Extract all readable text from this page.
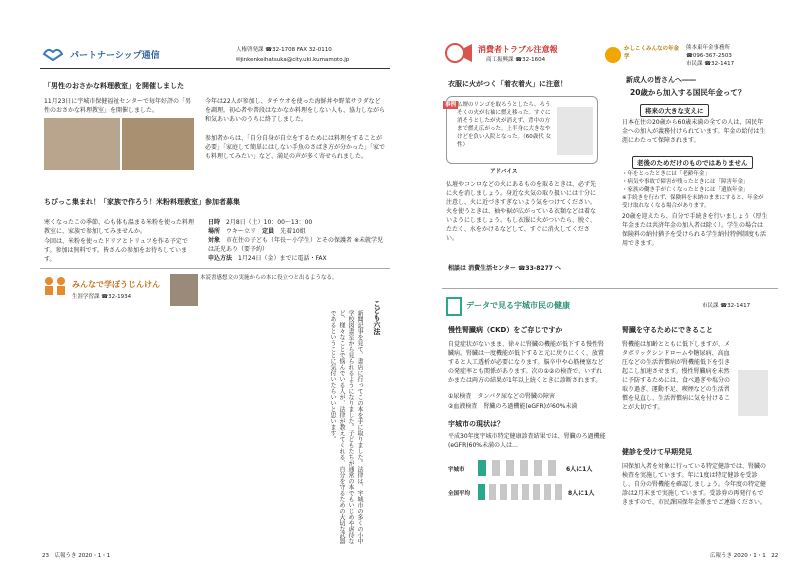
パートナーシップ通信
人権啓発課 ☎32-1708 FAX 32-0110
✉jinkenkeihatsuka@city.uki.kumamoto.jp
「男性のおさかな料理教室」を開催しました
11月23日に宇城市保健福祉センターで毎年好評の「男性のおさかな料理教室」を開催しました。
今年は22人が参加し、タチウオを使った海鮮丼や野菜サラダなどを調理。初心者や普段はなかなか料理をしない人も、協力しながら和気あいあいのうちに終了しました。
参加者からは、「自分自身が自立をするためには料理をすることが必要」「家庭して簡単にはしない手魚のさばき方が分かった」「家でも料理してみたい」など、満足の声が多く寄せられました。
ちびっこ集まれ！「家族で作ろう！米粉料理教室」参加者募集
寒くなったこの季節、心も体も温まる米粉を使った料理教室に、家族で参加してみませんか。
今回は、米粉を使ったドリアとトリュフを作る予定です。参加は無料です。皆さんの参加をお待ちしています。
日時　 2月8日（土）10：00～13：00
場所　 ウキー立リ　 定員　 先着10組
対象　 市在住の子ども（年長～小学生）とその保護者 ※未就学児は託児あり（要予約）
申込方法　 1月24日（金）までに電話・FAX
みんなで学ぼうじんけん
生涯学習課 ☎32-1934
本読書感想文の実施からの本に役立つと出るようなる。
こども六法
新聞記事を見て、書店に行ってこの本を手に取りました。法律は、宇城市の多くの小中学校図書室から見られるようになりました。子どもたちが通常の本でもいじめや虐待など、様々なことで悩んでいる人が、法律が教えてくれる、自分を守るための大切な武器であるということに気付いたらいいと思います。
23　 広報うき 2020・1・1
消費者トラブル注意報
商工振興課 ☎32-1604
衣服に火がつく「着衣着火」に注意！
事例 仏壇のリンゴを取ろうとしたら、ろうそくの火が右袖に燃え移った。すぐに消そうとしたが火が消えず、背中の方まで燃え広がった。上半身に大きなやけどを負い入院となった。（60歳代 女性）
アドバイス
仏壇やコンロなどの火にあるものを取るときは、必ず先に火を消しましょう。身近な火気の取り扱いには十分に注意し、火に近づきすぎないよう気をつけてください。火を使うときは、袖や裾が広がっている衣類などは着ないようにしましょう。もし衣服に火がついたら、脱ぐ、たたく、水をかけるなどして、すぐに消火してください。
相談は 消費生活センター ☎33-8277 へ
かしこくみんなの年金学
熊本東年金事務所
☎096-367-2503
市民課 ☎32-1417
新成人の皆さんへ――
20歳から加入する国民年金って？
将来の大きな支えに
日本在住の20歳から60歳未満の全ての人は、国民年金への加入が義務付けられています。年金の給付は生涯にわたって保障されます。
老後のためだけのものではありません
・年をとったときには「老齢年金」
・病気や事故で障害が残ったときには「障害年金」
・家族の働き手が亡くなったときには「遺族年金」
※手続きを行わず、保険料を未納のままにすると、年金が受け取れなくなる場合があります。
20歳を迎えたら、自分で手続きを行いましょう（厚生年金または共済年金の加入者は除く）。学生の場合は保険料の納付猶予を受けられる学生納付特例制度も活用できます。
データで見る宇城市民の健康	市民課 ☎32-1417
慢性腎臓病（CKD）をご存じですか
自覚症状がないまま、徐々に腎臓の機能が低下する慢性腎臓病。腎臓は一度機能が低下すると元に戻りにくく、放置すると人工透析が必要になります。脳卒中や心筋梗塞などの発症率とも関係があります。次の①②の検査で、いずれかまたは両方の結果が1年以上続くときに診断されます。
①尿検査　タンパク尿などの腎臓の障害
②血液検査　腎臓のろ過機能(eGFR)が60%未満
宇城市の現状は？
平成30年度宇城市特定健康診査結果では、腎臓のろ過機能(eGFR)60%未満の人は…
宇城市	6人に1人
全国平均	8人に1人
腎臓を守るためにできること
腎機能は加齢とともに低下しますが、メタボリックシンドロームや糖尿病、高血圧などの生活習慣病が腎機能低下を引き起こし加速させます。慢性腎臓病を未然に予防するためには、食べ過ぎや塩分の取り過ぎ、運動不足、喫煙などの生活習慣を見直し、生活習慣病に気を付けることが大切です。
健診を受けて早期発見
国保加入者を対象に行っている特定健診では、腎臓の検査を実施しています。年に1度は特定健診を受診し、自分の腎機能を確認しましょう。今年度の特定健診は2月末まで実施しています。受診券の再発行もできますので、市民課国保年金係までご連絡ください。
広報うき 2020・1・1　 22
